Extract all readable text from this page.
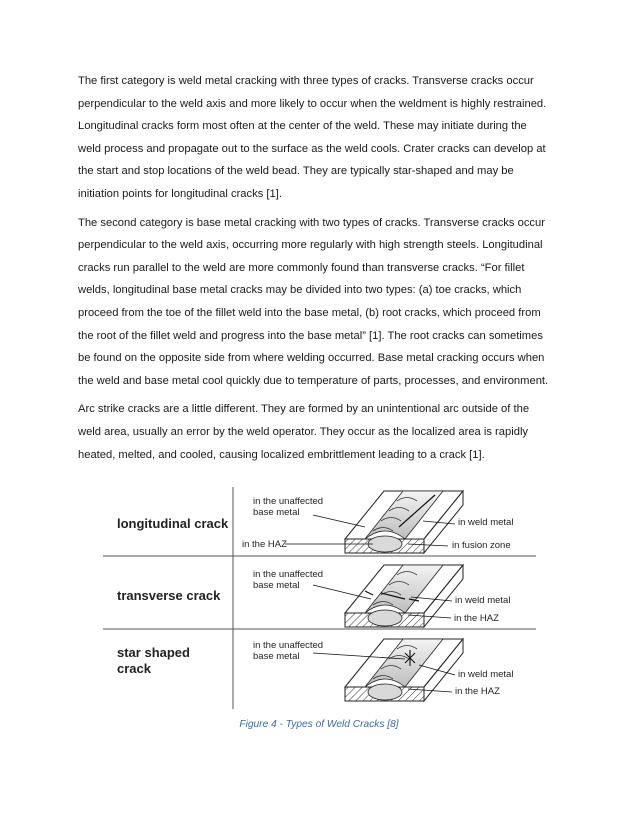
The first category is weld metal cracking with three types of cracks. Transverse cracks occur
perpendicular to the weld axis and more likely to occur when the weldment is highly restrained.
Longitudinal cracks form most often at the center of the weld. These may initiate during the
weld process and propagate out to the surface as the weld cools. Crater cracks can develop at
the start and stop locations of the weld bead. They are typically star-shaped and may be
initiation points for longitudinal cracks [1].
The second category is base metal cracking with two types of cracks. Transverse cracks occur
perpendicular to the weld axis, occurring more regularly with high strength steels. Longitudinal
cracks run parallel to the weld are more commonly found than transverse cracks. “For fillet
welds, longitudinal base metal cracks may be divided into two types: (a) toe cracks, which
proceed from the toe of the fillet weld into the base metal, (b) root cracks, which proceed from
the root of the fillet weld and progress into the base metal” [1]. The root cracks can sometimes
be found on the opposite side from where welding occurred. Base metal cracking occurs when
the weld and base metal cool quickly due to temperature of parts, processes, and environment.
Arc strike cracks are a little different. They are formed by an unintentional arc outside of the
weld area, usually an error by the weld operator. They occur as the localized area is rapidly
heated, melted, and cooled, causing localized embrittlement leading to a crack [1].
longitudinal crack
transverse crack
star shaped
crack
in the unaffected
base metal
in the HAZ
in weld metal
in fusion zone
in the unaffected
base metal
in weld metal
in the HAZ
in the unaffected
base metal
in weld metal
in the HAZ
Figure 4 - Types of Weld Cracks [8]
